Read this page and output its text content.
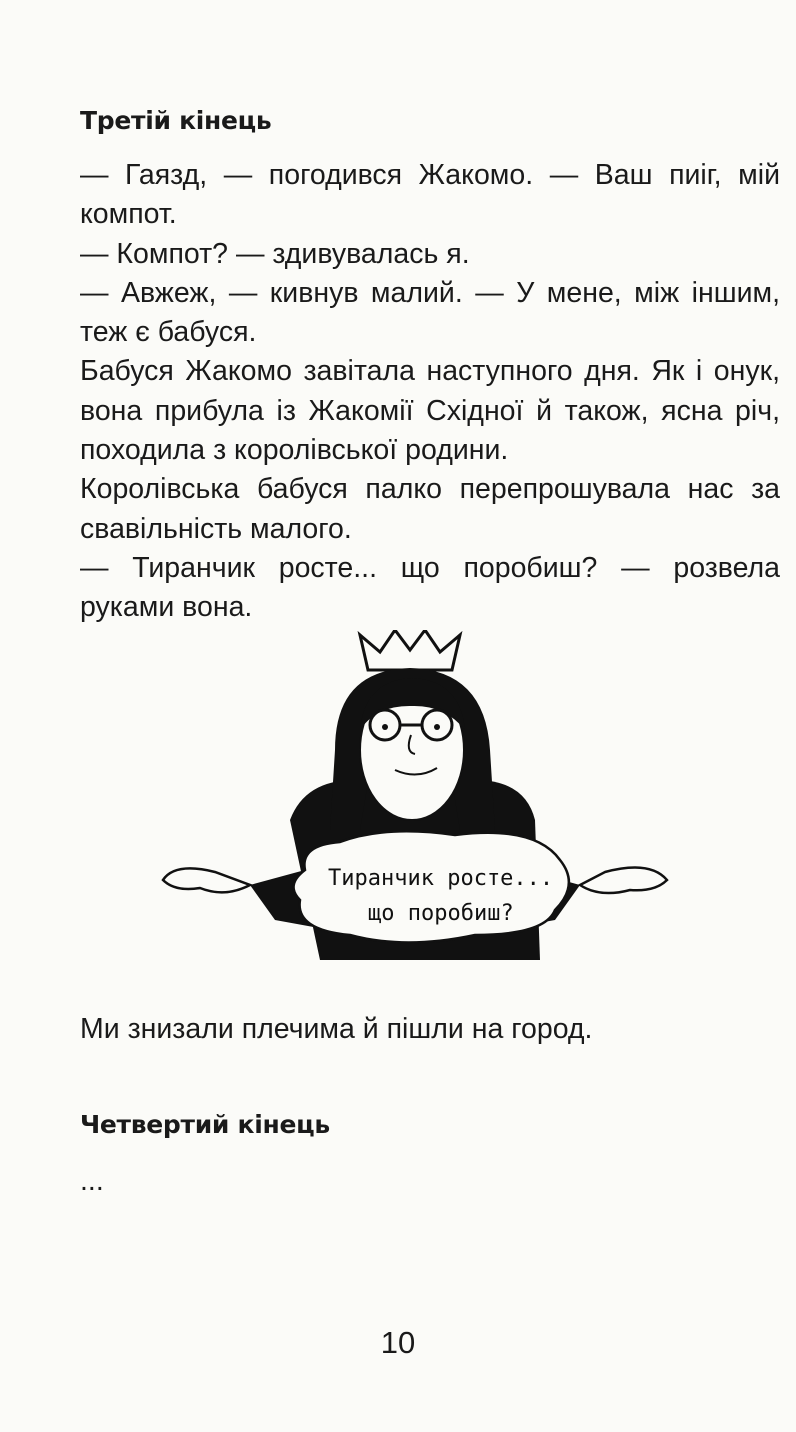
Третій кінець

— Гаязд, — погодився Жакомо. — Ваш пиіг, мій компот.

— Компот? — здивувалась я.

— Авжеж, — кивнув малий. — У мене, між іншим, теж є бабуся.

Бабуся Жакомо завітала наступного дня. Як і онук, вона прибула із Жакомії Східної й також, ясна річ, походила з королівської родини.

Королівська бабуся палко перепрошувала нас за свавільність малого.

— Тиранчик росте... що поробиш? — розвела руками вона.

Тиранчик росте...
що поробиш?

Ми знизали плечима й пішли на город.

Четвертий кінець

...

10
